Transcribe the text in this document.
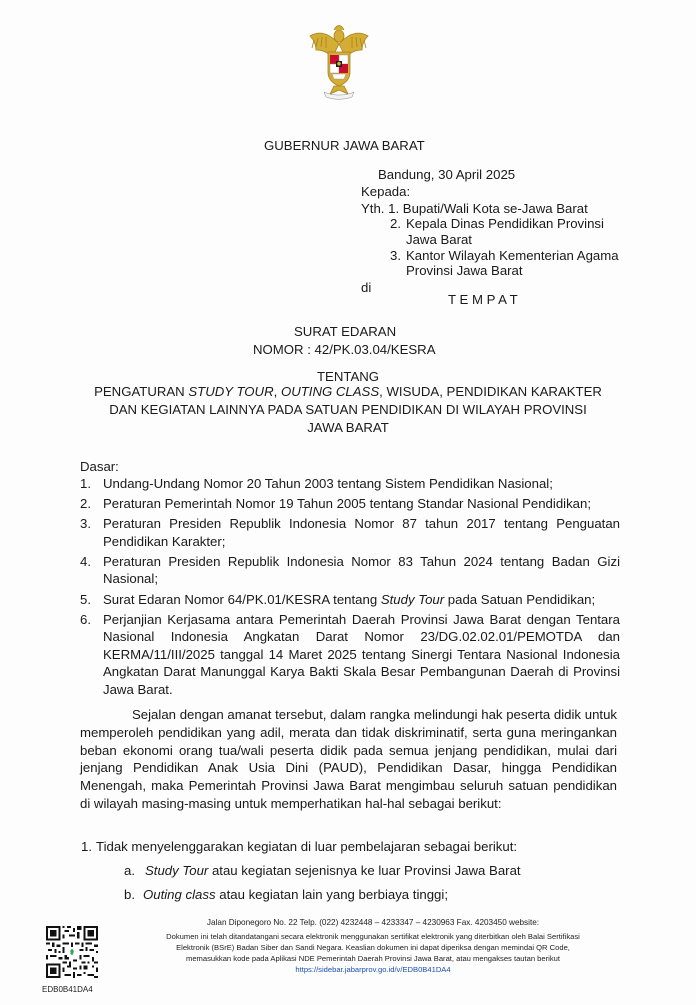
GUBERNUR JAWA BARAT
Bandung, 30 April 2025
Kepada:
Yth. 1. Bupati/Wali Kota se-Jawa Barat
2. Kepala Dinas Pendidikan Provinsi
Jawa Barat
3. Kantor Wilayah Kementerian Agama
Provinsi Jawa Barat
di
T E M P A T
SURAT EDARAN
NOMOR : 42/PK.03.04/KESRA
TENTANG
PENGATURAN STUDY TOUR, OUTING CLASS, WISUDA, PENDIDIKAN KARAKTER
DAN KEGIATAN LAINNYA PADA SATUAN PENDIDIKAN DI WILAYAH PROVINSI
JAWA BARAT
Dasar:
1. Undang-Undang Nomor 20 Tahun 2003 tentang Sistem Pendidikan Nasional;
2. Peraturan Pemerintah Nomor 19 Tahun 2005 tentang Standar Nasional Pendidikan;
3. Peraturan Presiden Republik Indonesia Nomor 87 tahun 2017 tentang Penguatan Pendidikan Karakter;
4. Peraturan Presiden Republik Indonesia Nomor 83 Tahun 2024 tentang Badan Gizi Nasional;
5. Surat Edaran Nomor 64/PK.01/KESRA tentang Study Tour pada Satuan Pendidikan;
6. Perjanjian Kerjasama antara Pemerintah Daerah Provinsi Jawa Barat dengan Tentara Nasional Indonesia Angkatan Darat Nomor 23/DG.02.02.01/PEMOTDA dan KERMA/11/III/2025 tanggal 14 Maret 2025 tentang Sinergi Tentara Nasional Indonesia Angkatan Darat Manunggal Karya Bakti Skala Besar Pembangunan Daerah di Provinsi Jawa Barat.
Sejalan dengan amanat tersebut, dalam rangka melindungi hak peserta didik untuk memperoleh pendidikan yang adil, merata dan tidak diskriminatif, serta guna meringankan beban ekonomi orang tua/wali peserta didik pada semua jenjang pendidikan, mulai dari jenjang Pendidikan Anak Usia Dini (PAUD), Pendidikan Dasar, hingga Pendidikan Menengah, maka Pemerintah Provinsi Jawa Barat mengimbau seluruh satuan pendidikan di wilayah masing-masing untuk memperhatikan hal-hal sebagai berikut:
1. Tidak menyelenggarakan kegiatan di luar pembelajaran sebagai berikut:
a. Study Tour atau kegiatan sejenisnya ke luar Provinsi Jawa Barat
b. Outing class atau kegiatan lain yang berbiaya tinggi;
Jalan Diponegoro No. 22 Telp. (022) 4232448 – 4233347 – 4230963 Fax. 4203450 website:
Dokumen ini telah ditandatangani secara elektronik menggunakan sertifikat elektronik yang diterbitkan oleh Balai Sertifikasi
Elektronik (BSrE) Badan Siber dan Sandi Negara. Keaslian dokumen ini dapat diperiksa dengan memindai QR Code,
memasukkan kode pada Aplikasi NDE Pemerintah Daerah Provinsi Jawa Barat, atau mengakses tautan berikut
https://sidebar.jabarprov.go.id/v/EDB0B41DA4
EDB0B41DA4
